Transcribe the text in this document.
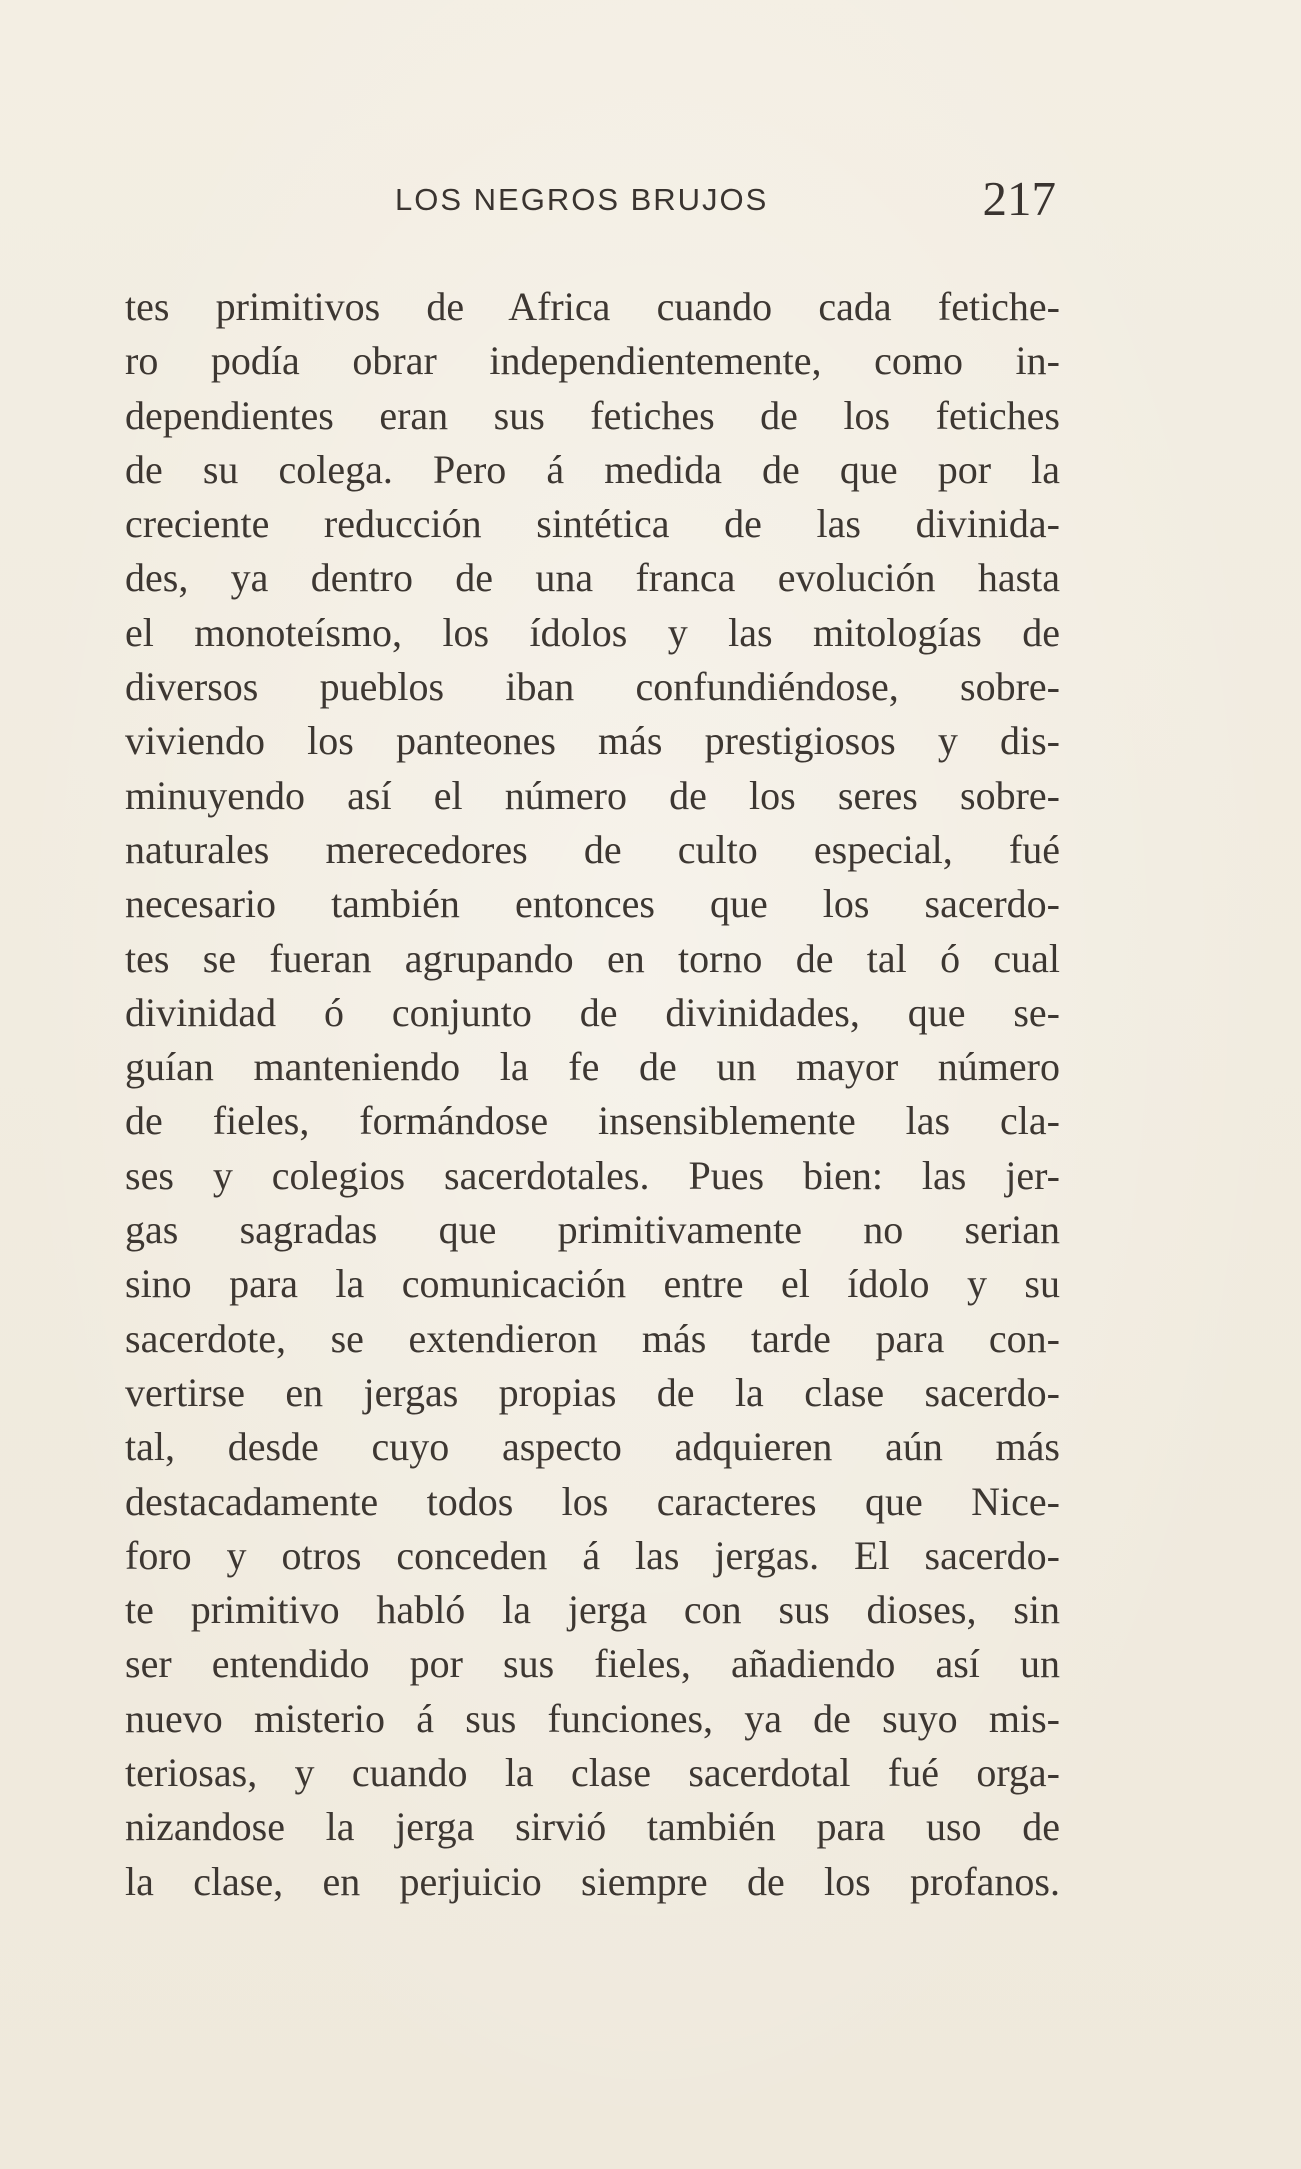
LOS NEGROS BRUJOS	217
tes primitivos de Africa cuando cada fetiche-
ro podía obrar independientemente, como in-
dependientes eran sus fetiches de los fetiches
de su colega. Pero á medida de que por la
creciente reducción sintética de las divinida-
des, ya dentro de una franca evolución hasta
el monoteísmo, los ídolos y las mitologías de
diversos pueblos iban confundiéndose, sobre-
viviendo los panteones más prestigiosos y dis-
minuyendo así el número de los seres sobre-
naturales merecedores de culto especial, fué
necesario también entonces que los sacerdo-
tes se fueran agrupando en torno de tal ó cual
divinidad ó conjunto de divinidades, que se-
guían manteniendo la fe de un mayor número
de fieles, formándose insensiblemente las cla-
ses y colegios sacerdotales. Pues bien: las jer-
gas sagradas que primitivamente no serian
sino para la comunicación entre el ídolo y su
sacerdote, se extendieron más tarde para con-
vertirse en jergas propias de la clase sacerdo-
tal, desde cuyo aspecto adquieren aún más
destacadamente todos los caracteres que Nice-
foro y otros conceden á las jergas. El sacerdo-
te primitivo habló la jerga con sus dioses, sin
ser entendido por sus fieles, añadiendo así un
nuevo misterio á sus funciones, ya de suyo mis-
teriosas, y cuando la clase sacerdotal fué orga-
nizandose la jerga sirvió también para uso de
la clase, en perjuicio siempre de los profanos.
